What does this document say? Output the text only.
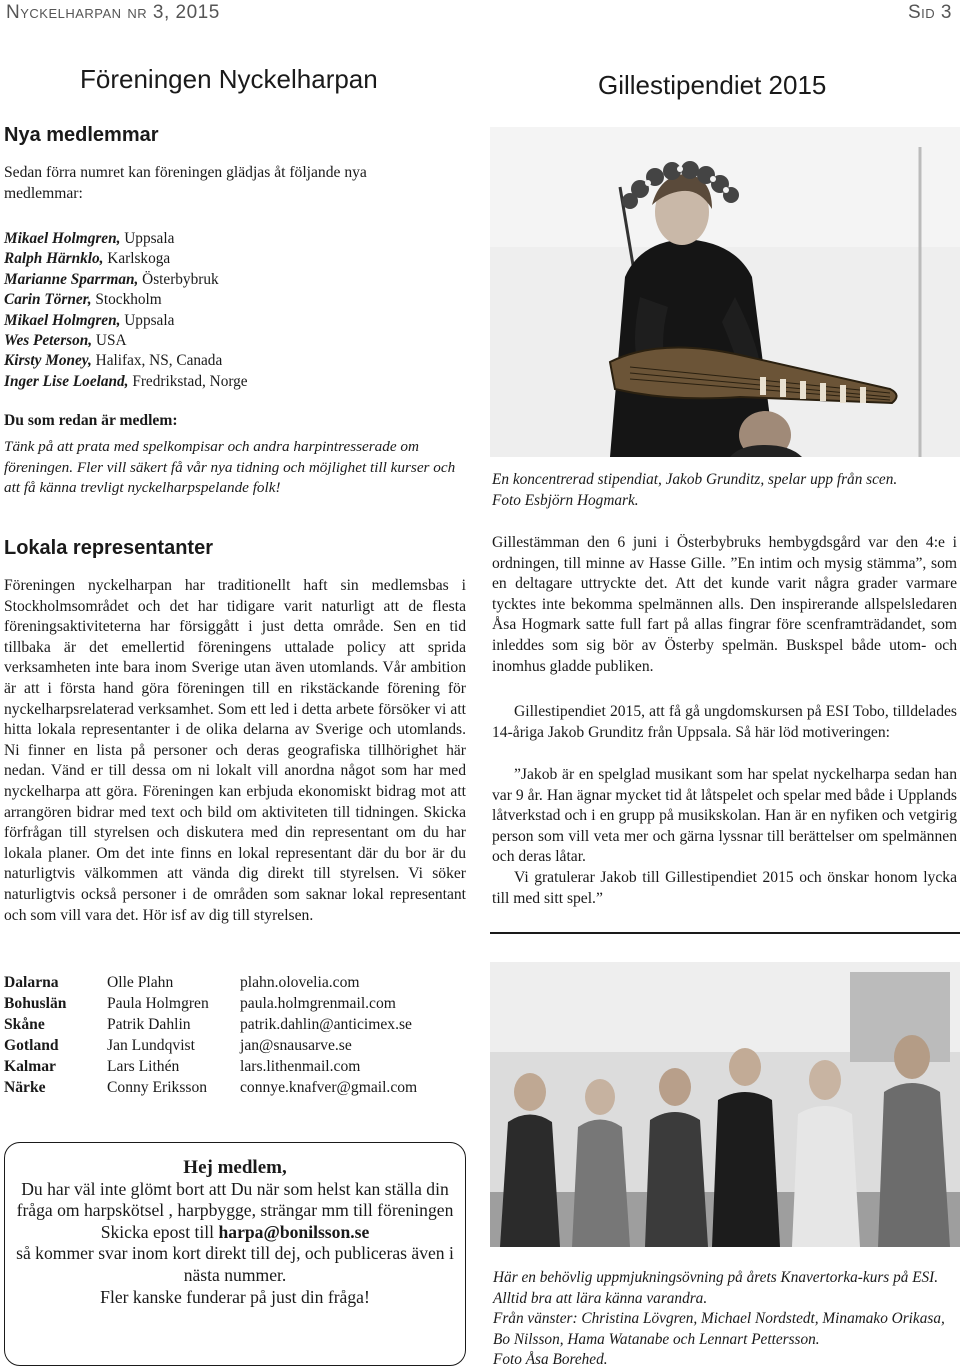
Nyckelharpan nr 3, 2015	Sid 3
Föreningen Nyckelharpan	Gillestipendiet 2015
Nya medlemmar
Sedan förra numret kan föreningen glädjas åt följande nya medlemmar:
Mikael Holmgren, Uppsala
Ralph Härnklo, Karlskoga
Marianne Sparrman, Österbybruk
Carin Törner, Stockholm
Mikael Holmgren, Uppsala
Wes Peterson, USA
Kirsty Money, Halifax, NS, Canada
Inger Lise Loeland, Fredrikstad, Norge
Du som redan är medlem:
Tänk på att prata med spelkompisar och andra harpintresserade om föreningen. Fler vill säkert få vår nya tidning och möjlighet till kurser och att få känna trevligt nyckelharpspelande folk!
Lokala representanter
Föreningen nyckelharpan har traditionellt haft sin medlemsbas i Stockholmsområdet och det har tidigare varit naturligt att de flesta föreningsaktiviteterna har försiggått i just detta område. Sen en tid tillbaka är det emellertid föreningens uttalade policy att sprida verksamheten inte bara inom Sverige utan även utomlands. Vår ambition är att i första hand göra föreningen till en rikstäckande förening för nyckelharpsrelaterad verksamhet. Som ett led i detta arbete försöker vi att hitta lokala representanter i de olika delarna av Sverige och utomlands. Ni finner en lista på personer och deras geografiska tillhörighet här nedan. Vänd er till dessa om ni lokalt vill anordna något som har med nyckelharpa att göra. Föreningen kan erbjuda ekonomiskt bidrag mot att arrangören bidrar med text och bild om aktiviteten till tidningen. Skicka förfrågan till styrelsen och diskutera med din representant om du har lokala planer. Om det inte finns en lokal representant där du bor är du naturligtvis välkommen att vända dig direkt till styrelsen. Vi söker naturligtvis också personer i de områden som saknar lokal representant och som vill vara det. Hör isf av dig till styrelsen.
Dalarna	Olle Plahn	plahn.olovelia.com
Bohuslän	Paula Holmgren	paula.holmgrenmail.com
Skåne	Patrik Dahlin	patrik.dahlin@anticimex.se
Gotland	Jan Lundqvist	jan@snausarve.se
Kalmar	Lars Lithén	lars.lithenmail.com
Närke	Conny Eriksson	connye.knafver@gmail.com

Hej medlem,

Du har väl inte glömt bort att Du när som helst kan ställa din fråga om harpskötsel , harpbygge, strängar mm till föreningen

Skicka epost till harpa@bonilsson.se

så kommer svar inom kort direkt till dej, och publiceras även i nästa nummer.

Fler kanske funderar på just din fråga!

En koncentrerad stipendiat, Jakob Grunditz, spelar upp från scen. Foto Esbjörn Hogmark.
Gillestämman den 6 juni i Österbybruks hembygdsgård var den 4:e i ordningen, till minne av Hasse Gille. ”En intim och mysig stämma”, som en deltagare uttryckte det. Att det kunde varit några grader varmare tycktes inte bekomma spelmännen alls. Den inspirerande allspelsledaren Åsa Hogmark satte full fart på allas fingrar före scenframträdandet, som inleddes som sig bör av Österby spelmän. Buskspel både utom- och inomhus gladde publiken.
Gillestipendiet 2015, att få gå ungdomskursen på ESI Tobo, tilldelades 14-åriga Jakob Grunditz från Uppsala. Så här löd motiveringen:
”Jakob är en spelglad musikant som har spelat nyckelharpa sedan han var 9 år. Han ägnar mycket tid åt låtspelet och spelar med både i Upplands låtverkstad och i en grupp på musikskolan. Han är en nyfiken och vetgirig person som vill veta mer och gärna lyssnar till berättelser om spelmännen och deras låtar.
Vi gratulerar Jakob till Gillestipendiet 2015 och önskar honom lycka till med sitt spel.”
Här en behövlig uppmjukningsövning på årets Knavertorka-kurs på ESI. Alltid bra att lära känna varandra.
Från vänster: Christina Lövgren, Michael Nordstedt, Minamako Orikasa, Bo Nilsson, Hama Watanabe och Lennart Pettersson.
Foto Åsa Borehed.
